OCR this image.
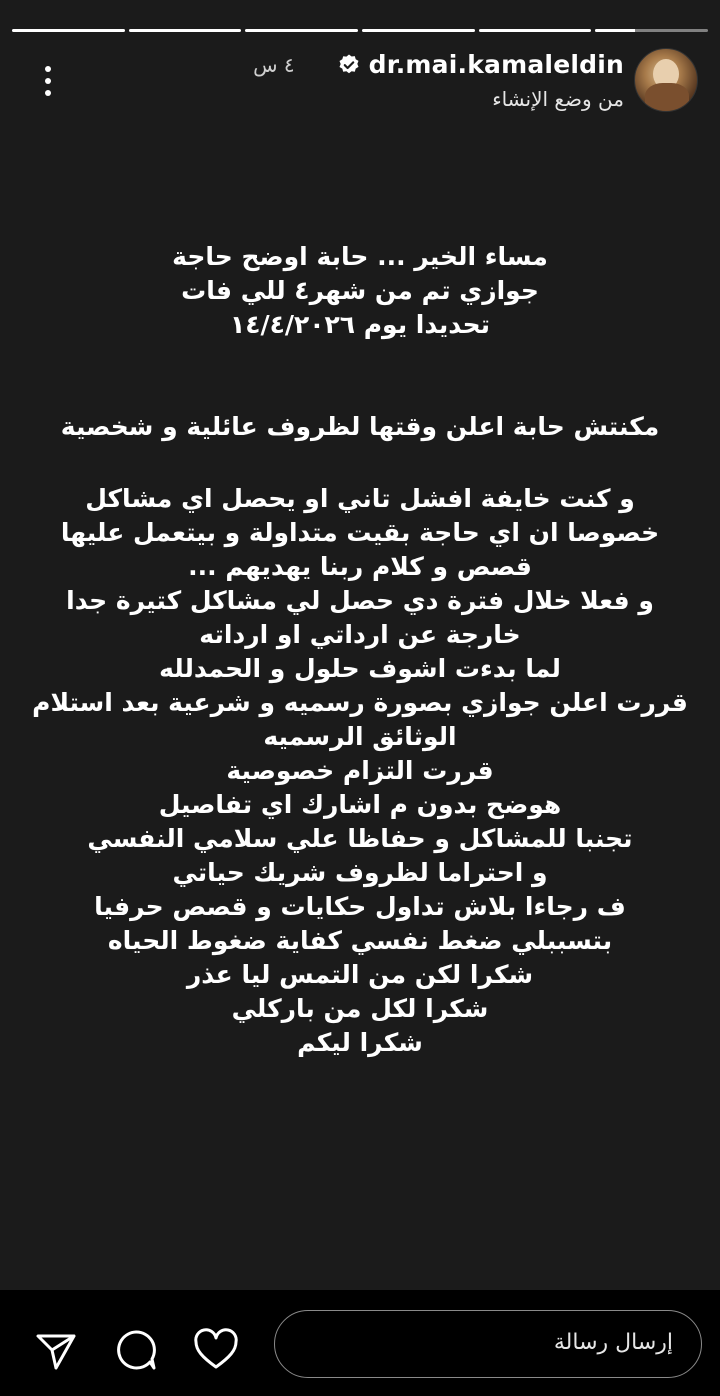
٤ س	dr.mai.kamaleldin
من وضع الإنشاء

مساء الخير ... حابة اوضح حاجة

جوازي تم من شهر٤ للي فات

تحديدا يوم ١٤/٤/٢٠٢٦

مكنتش حابة اعلن وقتها لظروف عائلية و شخصية

و كنت خايفة افشل تاني او يحصل اي مشاكل

خصوصا ان اي حاجة بقيت متداولة و بيتعمل عليها

قصص و كلام ربنا يهديهم ...

و فعلا خلال فترة دي حصل لي مشاكل كتيرة جدا

خارجة عن ارداتي او ارداته

لما بدءت اشوف حلول و الحمدلله

قررت اعلن جوازي بصورة رسميه و شرعية بعد استلام

الوثائق الرسميه

قررت التزام خصوصية

هوضح بدون م اشارك اي تفاصيل

تجنبا للمشاكل و حفاظا علي سلامي النفسي

و احتراما لظروف شريك حياتي

ف رجاءا بلاش تداول حكايات و قصص حرفيا

بتسببلي ضغط نفسي كفاية ضغوط الحياه

شكرا لكن من التمس ليا عذر

شكرا لكل من باركلي

شكرا ليكم

إرسال رسالة
